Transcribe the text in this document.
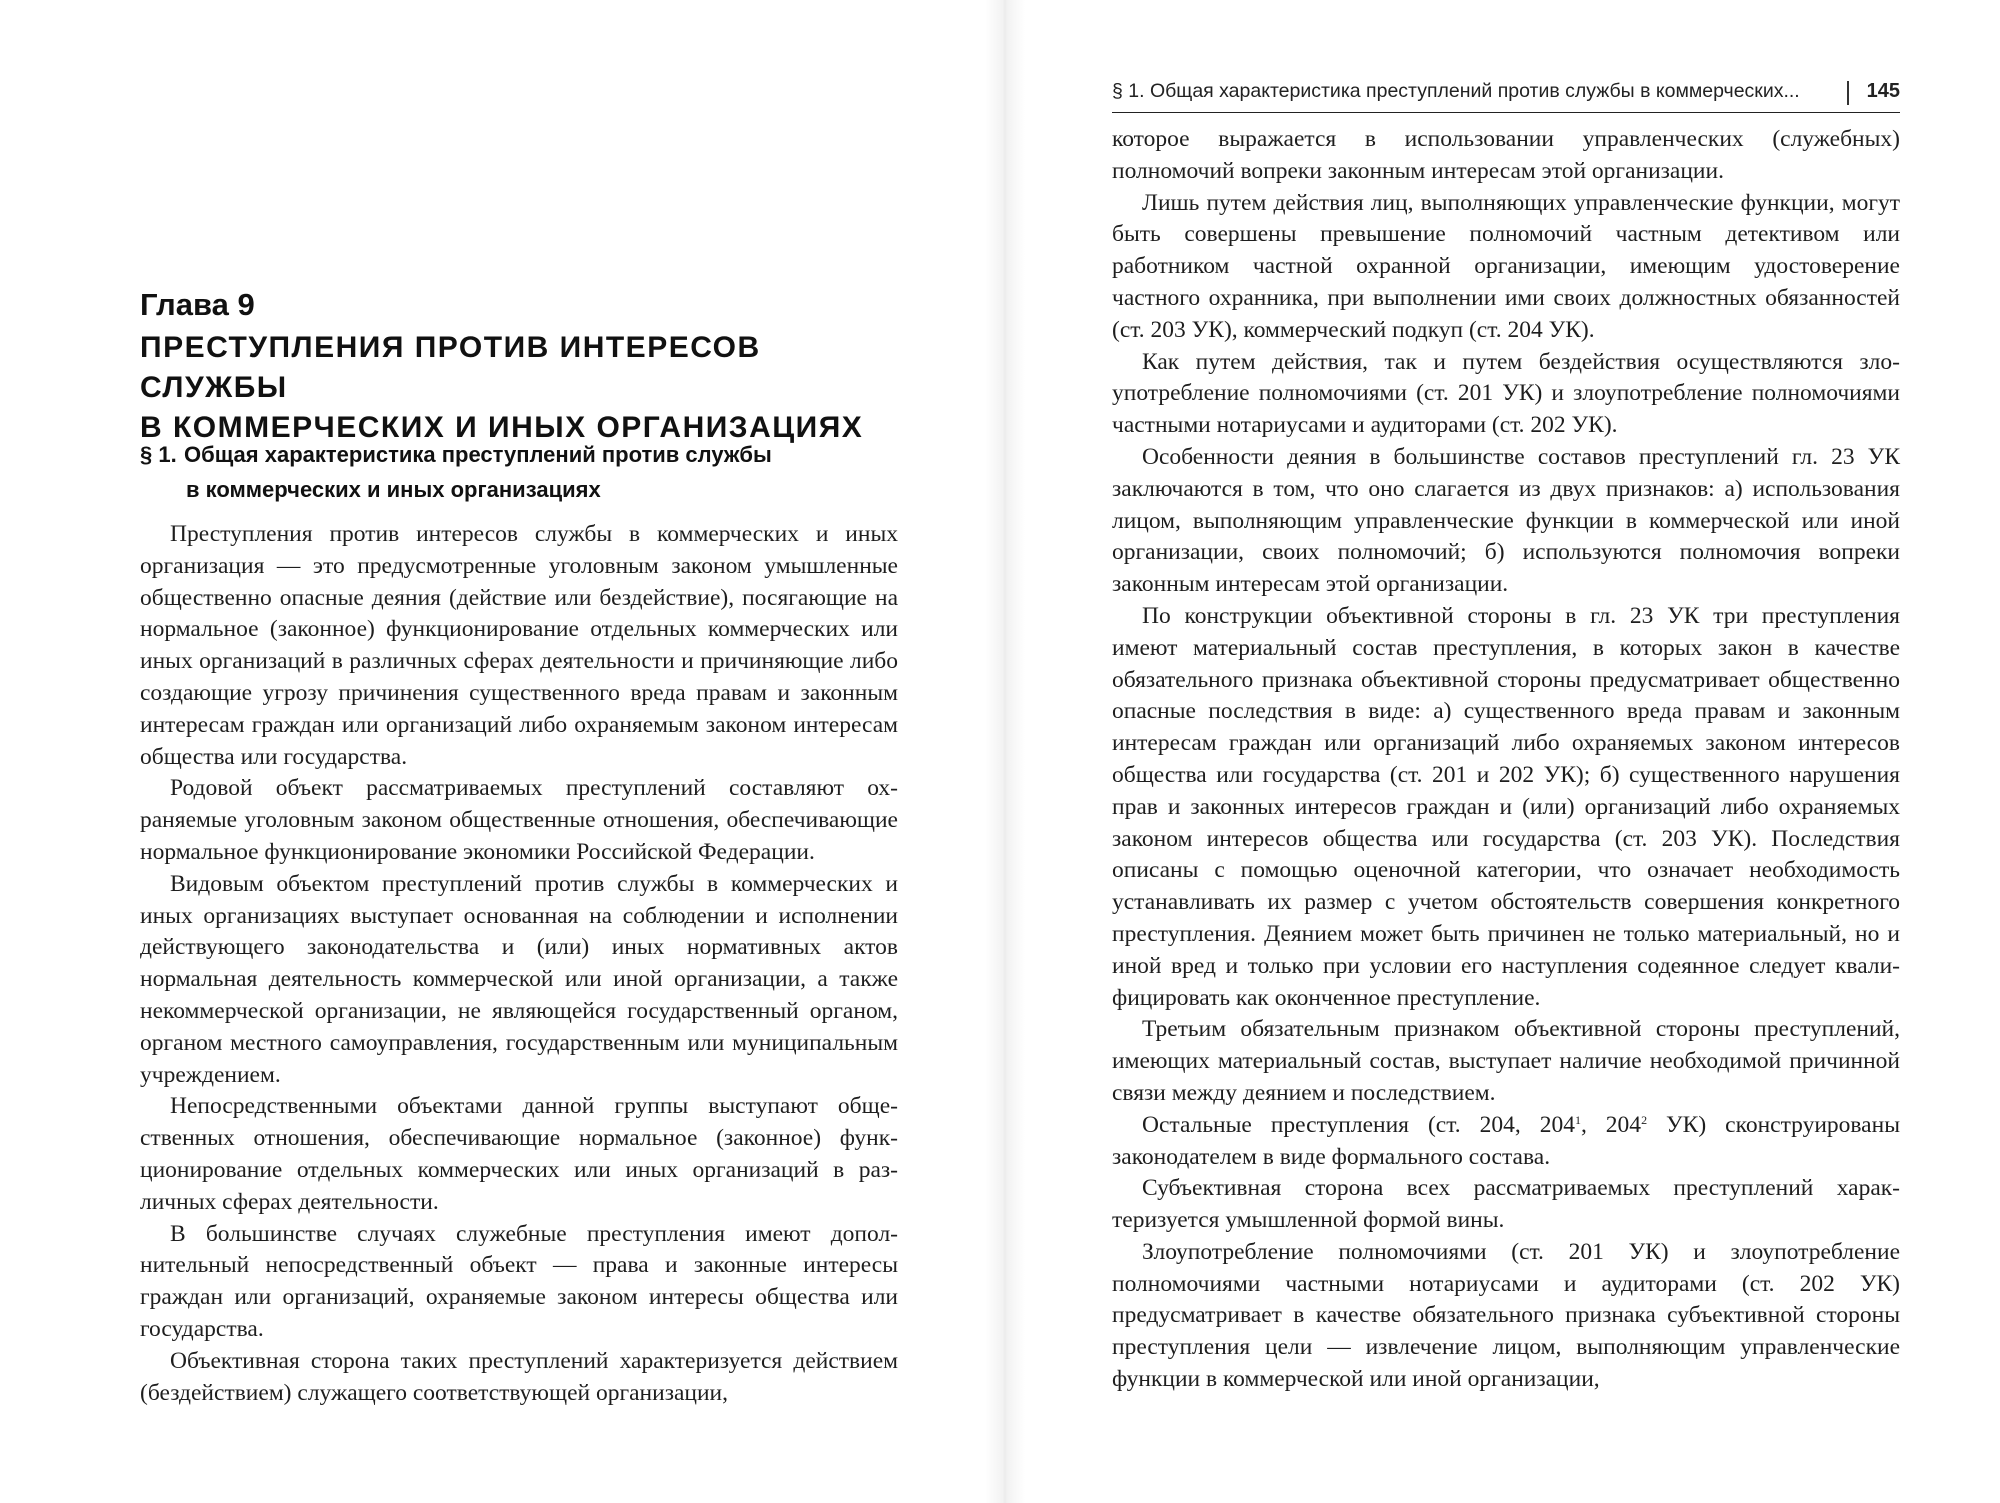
Глава 9
ПРЕСТУПЛЕНИЯ ПРОТИВ ИНТЕРЕСОВ СЛУЖБЫ
В КОММЕРЧЕСКИХ И ИНЫХ ОРГАНИЗАЦИЯХ
§ 1. Общая характеристика преступлений против службы
в коммерческих и иных организациях

Преступления против интересов службы в коммерческих и иных организация — это предусмотренные уголовным законом умышленные общественно опасные деяния (действие или бездействие), посягающие на нормальное (законное) функционирование отдельных коммерческих или иных организаций в различных сферах деятельности и причиняющие либо создающие угрозу причинения существенного вреда правам и законным интересам граждан или организаций либо охраняемым законом интересам общества или государства.

Родовой объект рассматриваемых преступлений составляют охраняемые уголовным законом общественные отношения, обеспечивающие нормальное функционирование экономики Российской Федерации.

Видовым объектом преступлений против службы в коммерческих и иных организациях выступает основанная на соблюдении и исполнении действующего законодательства и (или) иных нормативных актов нормальная деятельность коммерческой или иной организации, а также некоммерческой организации, не являющейся государственный органом, органом местного самоуправления, государственным или муниципальным учреждением.

Непосредственными объектами данной группы выступают общественных отношения, обеспечивающие нормальное (законное) функционирование отдельных коммерческих или иных организаций в различных сферах деятельности.

В большинстве случаях служебные преступления имеют дополнительный непосредственный объект — права и законные интересы граждан или организаций, охраняемые законом интересы общества или государства.

Объективная сторона таких преступлений характеризуется действием (бездействием) служащего соответствующей организации,

§ 1. Общая характеристика преступлений против службы в коммерческих...	145

которое выражается в использовании управленческих (служебных) полномочий вопреки законным интересам этой организации.

Лишь путем действия лиц, выполняющих управленческие функции, могут быть совершены превышение полномочий частным детективом или работником частной охранной организации, имеющим удостоверение частного охранника, при выполнении ими своих должностных обязанностей (ст. 203 УК), коммерческий подкуп (ст. 204 УК).

Как путем действия, так и путем бездействия осуществляются злоупотребление полномочиями (ст. 201 УК) и злоупотребление полномочиями частными нотариусами и аудиторами (ст. 202 УК).

Особенности деяния в большинстве составов преступлений гл. 23 УК заключаются в том, что оно слагается из двух признаков: а) использования лицом, выполняющим управленческие функции в коммерческой или иной организации, своих полномочий; б) используются полномочия вопреки законным интересам этой организации.

По конструкции объективной стороны в гл. 23 УК три преступления имеют материальный состав преступления, в которых закон в качестве обязательного признака объективной стороны предусматривает общественно опасные последствия в виде: а) существенного вреда правам и законным интересам граждан или организаций либо охраняемых законом интересов общества или государства (ст. 201 и 202 УК); б) существенного нарушения прав и законных интересов граждан и (или) организаций либо охраняемых законом интересов общества или государства (ст. 203 УК). Последствия описаны с помощью оценочной категории, что означает необходимость устанавливать их размер с учетом обстоятельств совершения конкретного преступления. Деянием может быть причинен не только материальный, но и иной вред и только при условии его наступления содеянное следует квалифицировать как оконченное преступление.

Третьим обязательным признаком объективной стороны преступлений, имеющих материальный состав, выступает наличие необходимой причинной связи между деянием и последствием.

Остальные преступления (ст. 204, $204^1$, $204^2$ УК) сконструированы законодателем в виде формального состава.

Субъективная сторона всех рассматриваемых преступлений характеризуется умышленной формой вины.

Злоупотребление полномочиями (ст. 201 УК) и злоупотребление полномочиями частными нотариусами и аудиторами (ст. 202 УК) предусматривает в качестве обязательного признака субъективной стороны преступления цели — извлечение лицом, выполняющим управленческие функции в коммерческой или иной организации,
